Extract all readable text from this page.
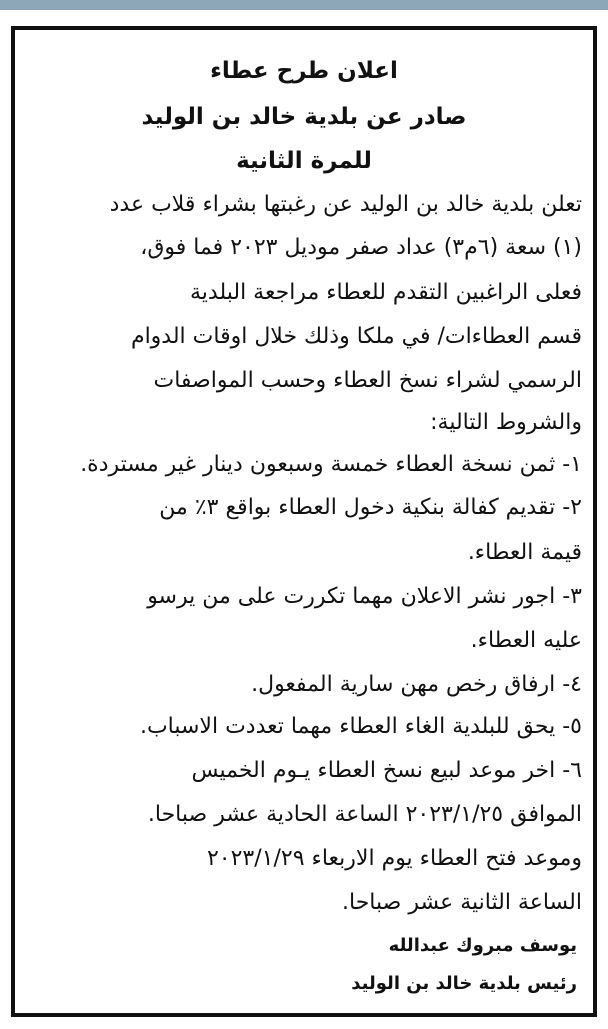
اعلان طرح عطاء
صادر عن بلدية خالد بن الوليد
للمرة الثانية
تعلن بلدية خالد بن الوليد عن رغبتها بشراء قلاب عدد
(١) سعة (٦م٣) عداد صفر موديل ٢٠٢٣ فما فوق،
فعلى الراغبين التقدم للعطاء مراجعة البلدية
قسم العطاءات/ في ملكا وذلك خلال اوقات الدوام
الرسمي لشراء نسخ العطاء وحسب المواصفات
والشروط التالية:
١- ثمن نسخة العطاء خمسة وسبعون دينار غير مستردة.
٢- تقديم كفالة بنكية دخول العطاء بواقع ٣٪ من
قيمة العطاء.
٣- اجور نشر الاعلان مهما تكررت على من يرسو
عليه العطاء.
٤- ارفاق رخص مهن سارية المفعول.
٥- يحق للبلدية الغاء العطاء مهما تعددت الاسباب.
٦- اخر موعد لبيع نسخ العطاء يـوم الخميس
الموافق ٢٠٢٣/١/٢٥ الساعة الحادية عشر صباحا.
وموعد فتح العطاء يوم الاربعاء ٢٠٢٣/١/٢٩
الساعة الثانية عشر صباحا.
يوسف مبروك عبدالله
رئيس بلدية خالد بن الوليد
